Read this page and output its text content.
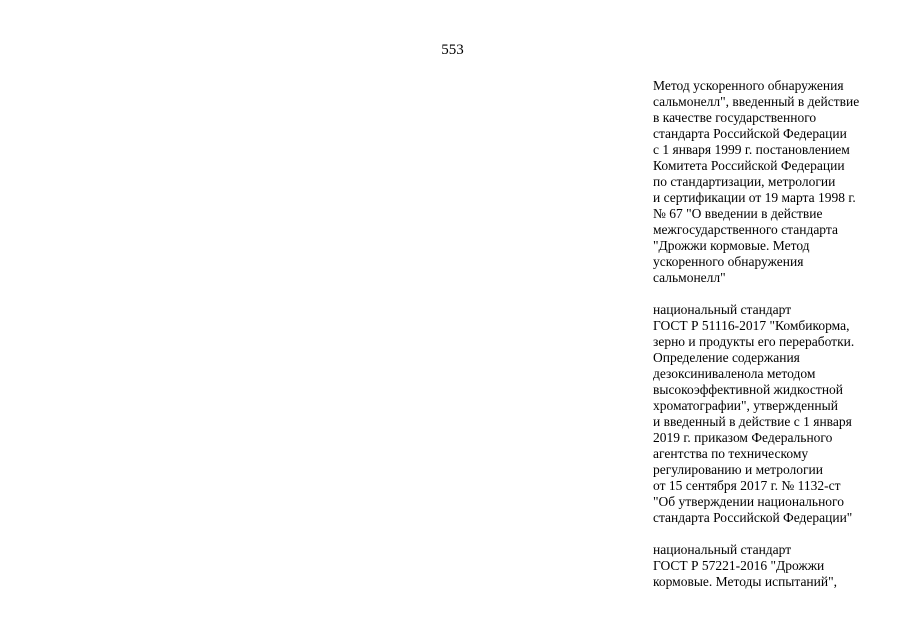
553
Метод ускоренного обнаружения
сальмонелл", введенный в действие
в качестве государственного
стандарта Российской Федерации
с 1 января 1999 г. постановлением
Комитета Российской Федерации
по стандартизации, метрологии
и сертификации от 19 марта 1998 г.
№ 67 "О введении в действие
межгосударственного стандарта
"Дрожжи кормовые. Метод
ускоренного обнаружения
сальмонелл"
национальный стандарт
ГОСТ Р 51116-2017 "Комбикорма,
зерно и продукты его переработки.
Определение содержания
дезоксиниваленола методом
высокоэффективной жидкостной
хроматографии", утвержденный
и введенный в действие с 1 января
2019 г. приказом Федерального
агентства по техническому
регулированию и метрологии
от 15 сентября 2017 г. № 1132-ст
"Об утверждении национального
стандарта Российской Федерации"
национальный стандарт
ГОСТ Р 57221-2016 "Дрожжи
кормовые. Методы испытаний",
